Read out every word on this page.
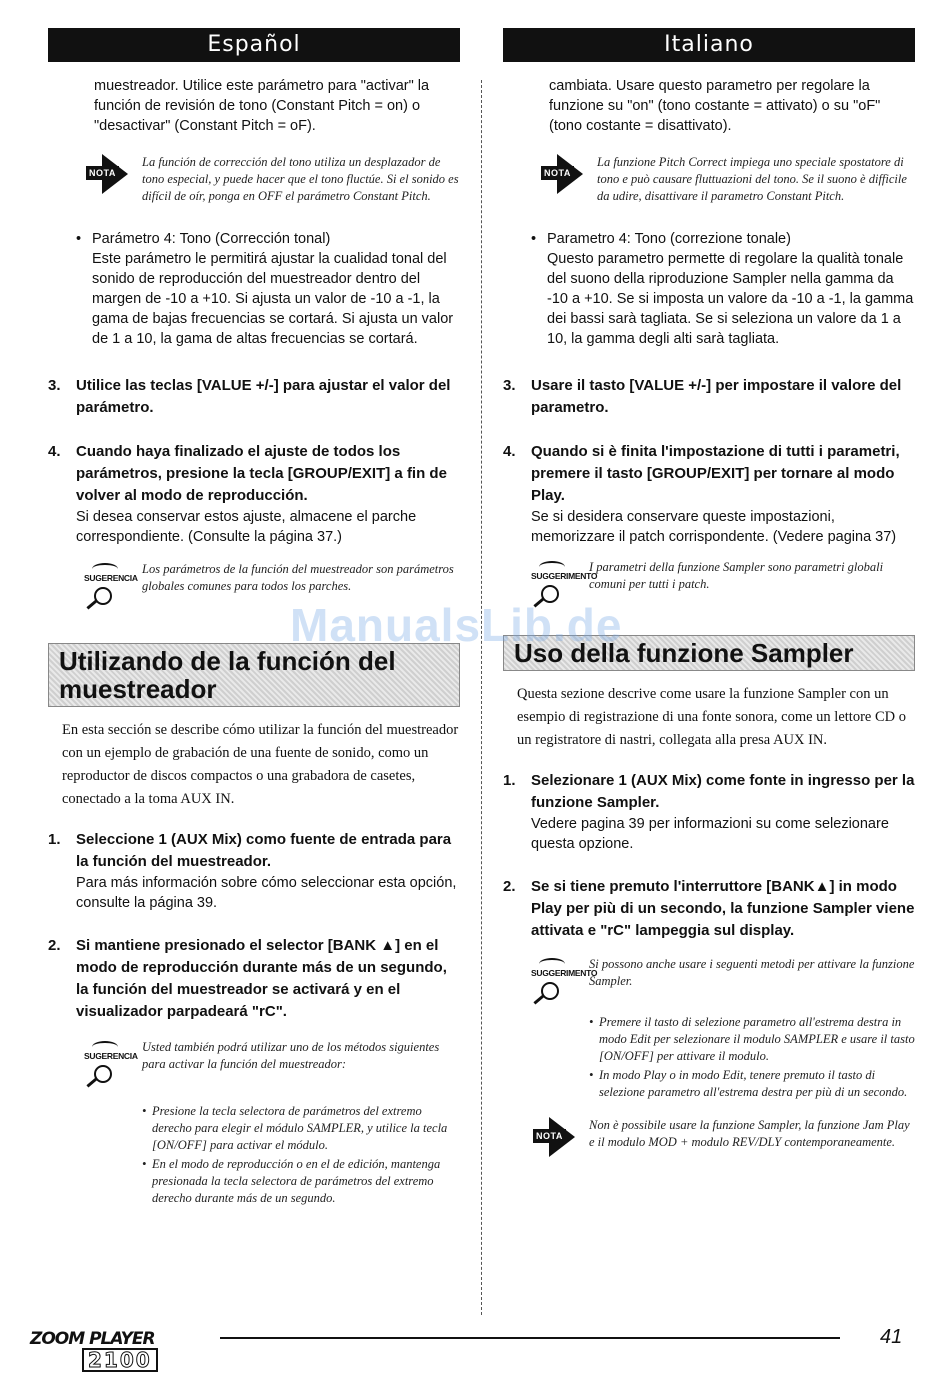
Español
muestreador. Utilice este parámetro para "activar" la función de revisión de tono (Constant Pitch = on) o "desactivar" (Constant Pitch = oF).
NOTA
La función de corrección del tono utiliza un desplazador de tono especial, y puede hacer que el tono fluctúe. Si el sonido es difícil de oír, ponga en OFF el parámetro Constant Pitch.
• Parámetro 4: Tono (Corrección tonal)
Este parámetro le permitirá ajustar la cualidad tonal del sonido de reproducción del muestreador dentro del margen de -10 a +10. Si ajusta un valor de -10 a -1, la gama de bajas frecuencias se cortará. Si ajusta un valor de 1 a 10, la gama de altas frecuencias se cortará.
3.	Utilice las teclas [VALUE +/-] para ajustar el valor del parámetro.
4.	Cuando haya finalizado el ajuste de todos los parámetros, presione la tecla [GROUP/EXIT] a fin de volver al modo de reproducción.
Si desea conservar estos ajuste, almacene el parche correspondiente. (Consulte la página 37.)
SUGERENCIA
Los parámetros de la función del muestreador son parámetros globales comunes para todos los parches.
Utilizando de la función del muestreador
En esta sección se describe cómo utilizar la función del muestreador con un ejemplo de grabación de una fuente de sonido, como un reproductor de discos compactos o una grabadora de casetes, conectado a la toma AUX IN.
1.	Seleccione 1 (AUX Mix) como fuente de entrada para la función del muestreador.
Para más información sobre cómo seleccionar esta opción, consulte la página 39.
2.	Si mantiene presionado el selector [BANK ▲] en el modo de reproducción durante más de un segundo, la función del muestreador se activará y en el visualizador parpadeará "rC".
SUGERENCIA
Usted también podrá utilizar uno de los métodos siguientes para activar la función del muestreador:
• Presione la tecla selectora de parámetros del extremo derecho para elegir el módulo SAMPLER, y utilice la tecla [ON/OFF] para activar el módulo.
• En el modo de reproducción o en el de edición, mantenga presionada la tecla selectora de parámetros del extremo derecho durante más de un segundo.
Italiano
cambiata. Usare questo parametro per regolare la funzione su "on" (tono costante = attivato) o su "oF" (tono costante = disattivato).
NOTA
La funzione Pitch Correct impiega uno speciale spostatore di tono e può causare fluttuazioni del tono. Se il suono è difficile da udire, disattivare il parametro Constant Pitch.
• Parametro 4: Tono (correzione tonale)
Questo parametro permette di regolare la qualità tonale del suono della riproduzione Sampler nella gamma da -10 a +10. Se si imposta un valore da -10 a -1, la gamma dei bassi sarà tagliata. Se si seleziona un valore da 1 a 10, la gamma degli alti sarà tagliata.
3.	Usare il tasto [VALUE +/-] per impostare il valore del parametro.
4.	Quando si è finita l'impostazione di tutti i parametri, premere il tasto [GROUP/EXIT] per tornare al modo Play.
Se si desidera conservare queste impostazioni, memorizzare il patch corrispondente. (Vedere pagina 37)
SUGGERIMENTO
I parametri della funzione Sampler sono parametri globali comuni per tutti i patch.
Uso della funzione Sampler
Questa sezione descrive come usare la funzione Sampler con un esempio di registrazione di una fonte sonora, come un lettore CD o un registratore di nastri, collegata alla presa AUX IN.
1.	Selezionare 1 (AUX Mix) come fonte in ingresso per la funzione Sampler.
Vedere pagina 39 per informazioni su come selezionare questa opzione.
2.	Se si tiene premuto l'interruttore [BANK▲] in modo Play per più di un secondo, la funzione Sampler viene attivata e "rC" lampeggia sul display.
SUGGERIMENTO
Si possono anche usare i seguenti metodi per attivare la funzione Sampler.
• Premere il tasto di selezione parametro all'estrema destra in modo Edit per selezionare il modulo SAMPLER e usare il tasto [ON/OFF] per attivare il modulo.
• In modo Play o in modo Edit, tenere premuto il tasto di selezione parametro all'estrema destra per più di un secondo.
NOTA
Non è possibile usare la funzione Sampler, la funzione Jam Play e il modulo MOD + modulo REV/DLY contemporaneamente.
ManualsLib.de
ZOOM PLAYER
2100
41
